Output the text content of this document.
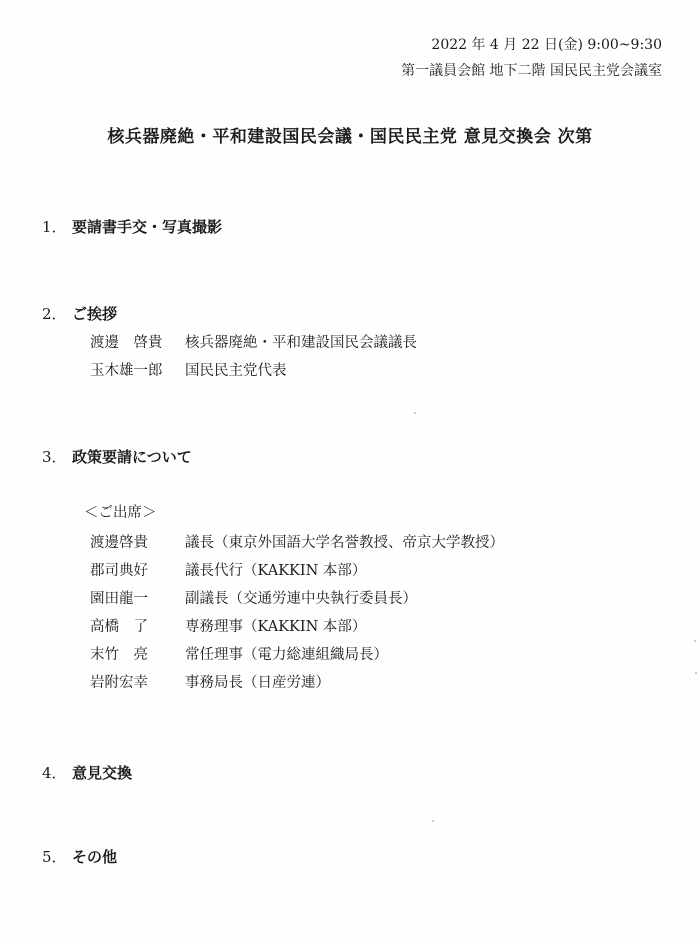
2022 年 4 月 22 日(金) 9:00~9:30
第一議員会館 地下二階 国民民主党会議室
核兵器廃絶・平和建設国民会議・国民民主党 意見交換会 次第
1． 要請書手交・写真撮影
2． ご挨拶
渡邊　啓貴 核兵器廃絶・平和建設国民会議議長
玉木雄一郎 国民民主党代表
3． 政策要請について
＜ご出席＞
渡邊啓貴	議長（東京外国語大学名誉教授、帝京大学教授）
郡司典好	議長代行（KAKKIN 本部）
園田龍一	副議長（交通労連中央執行委員長）
高橋　了	専務理事（KAKKIN 本部）
末竹　亮	常任理事（電力総連組織局長）
岩附宏幸	事務局長（日産労連）
4． 意見交換
5． その他
